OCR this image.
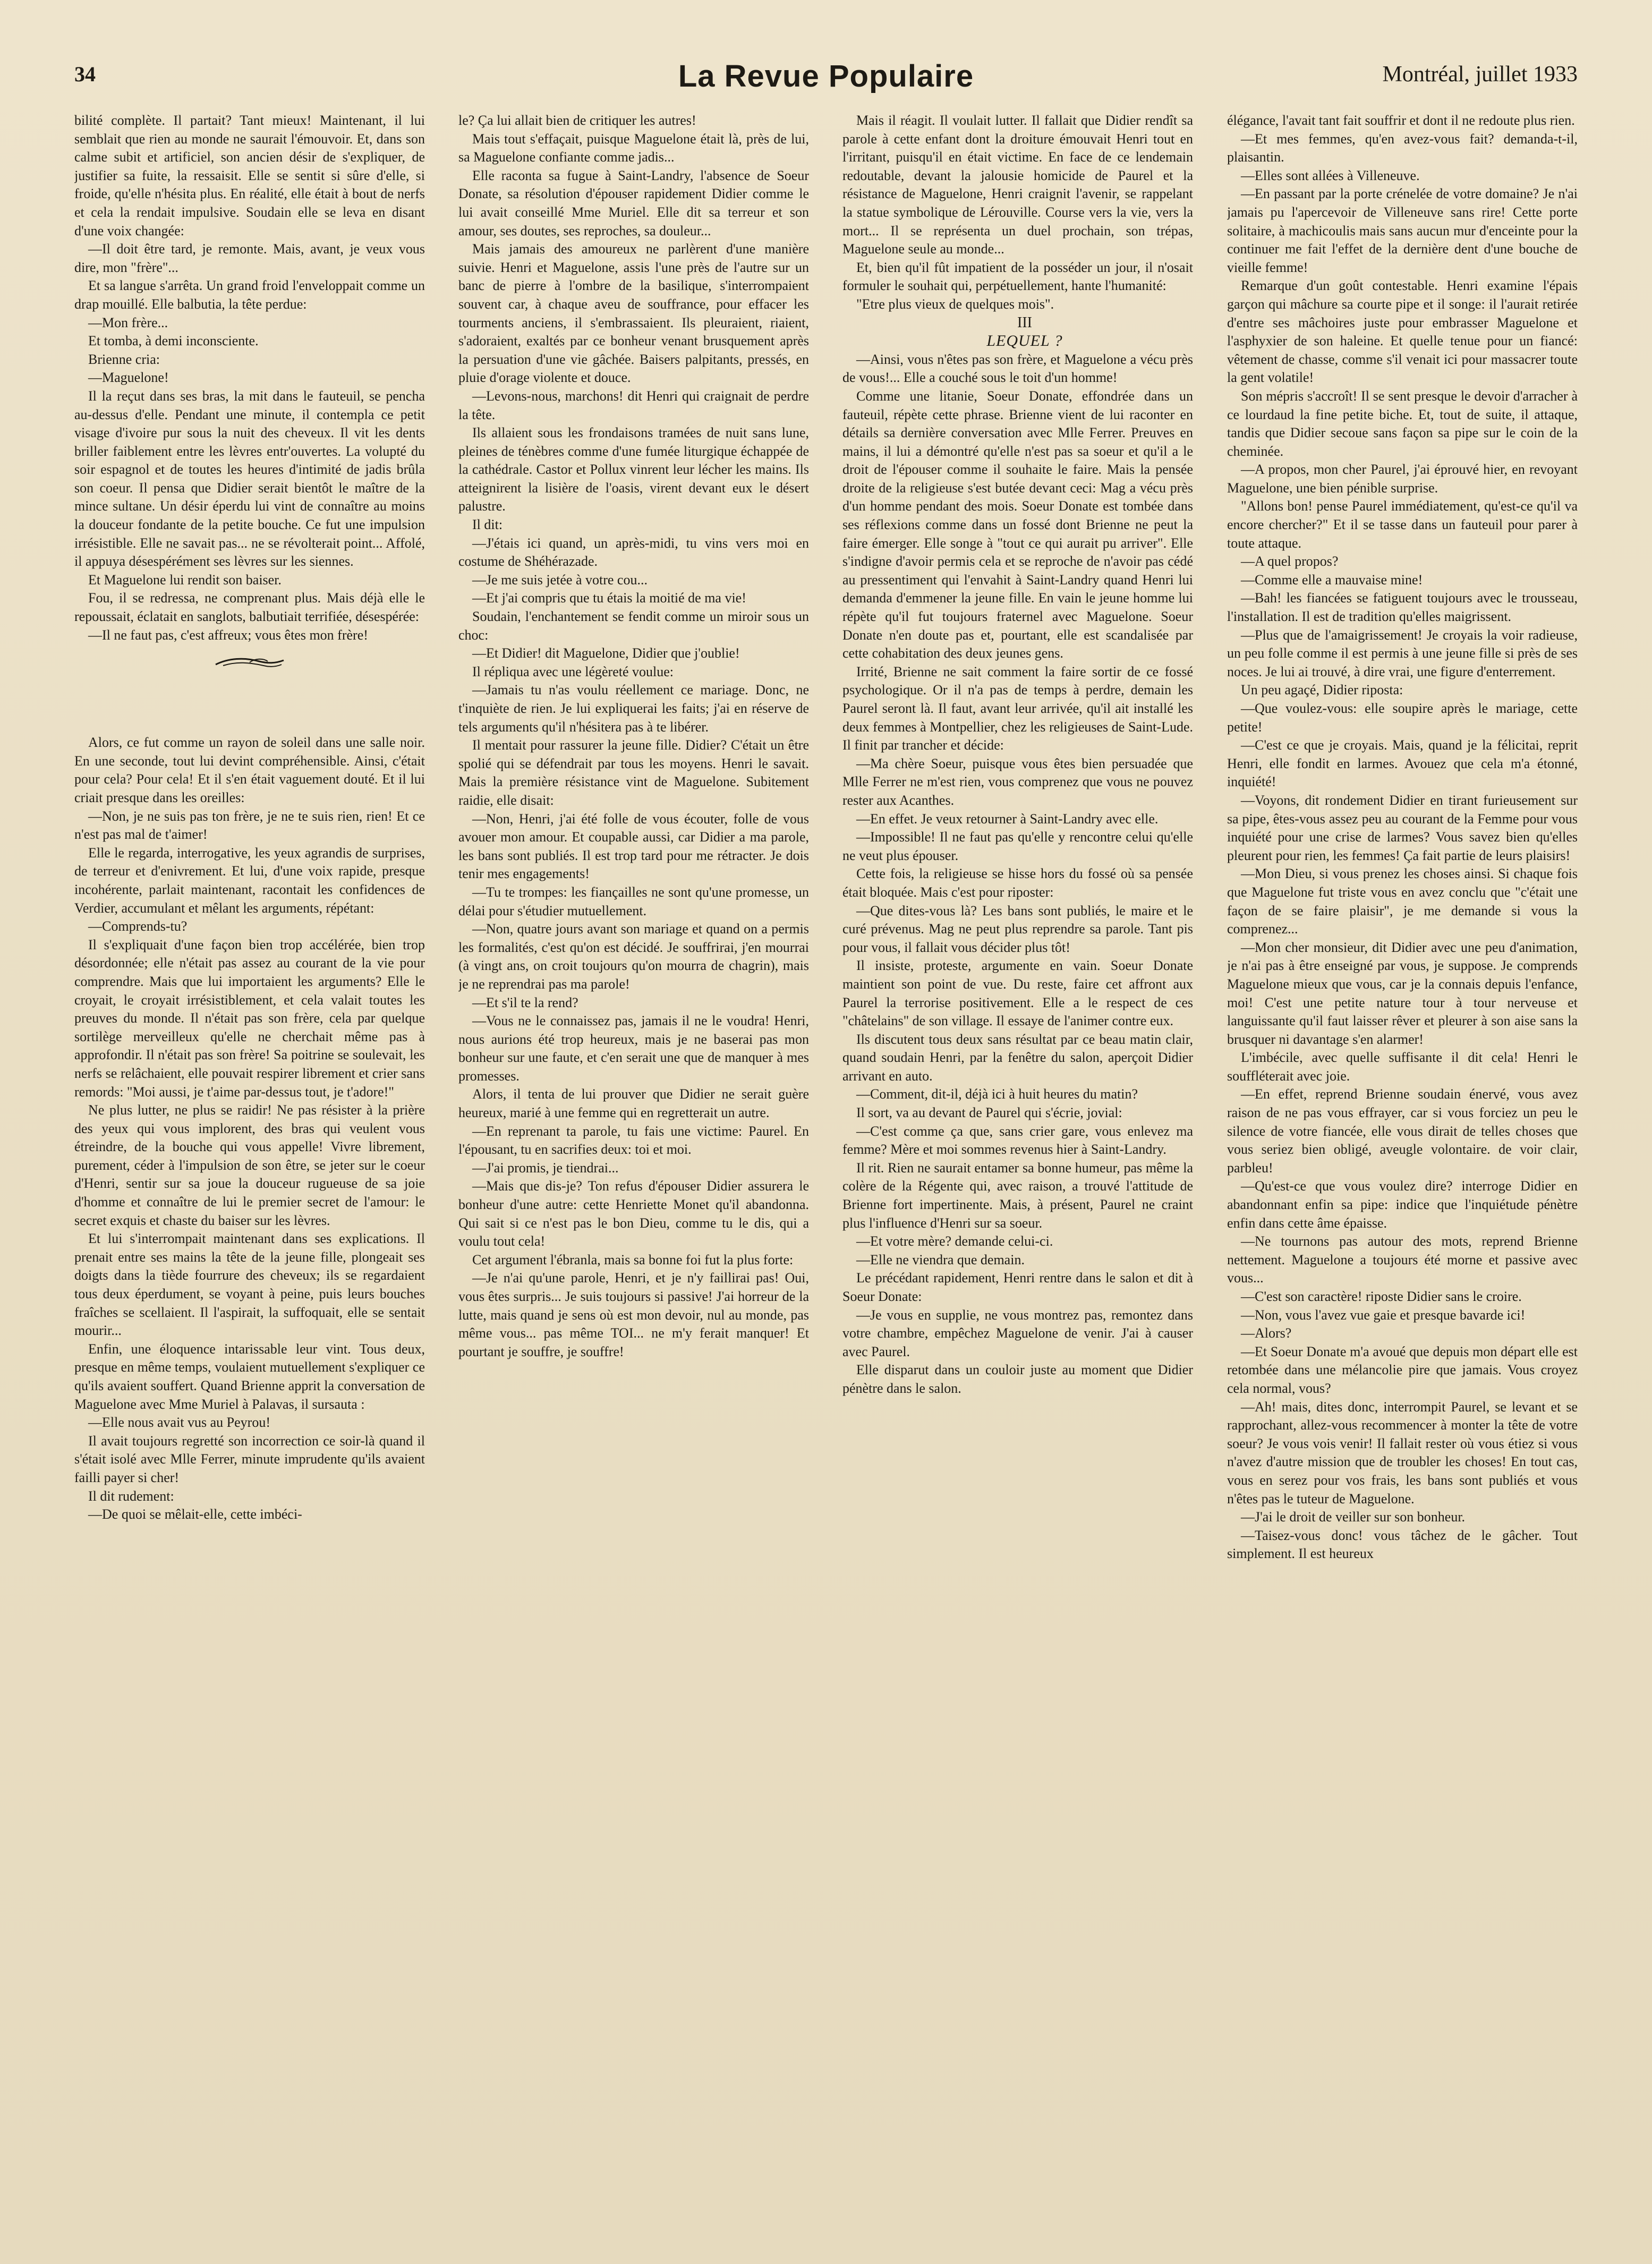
34	La Revue Populaire	Montréal, juillet 1933

bilité complète. Il partait? Tant mieux! Maintenant, il lui semblait que rien au monde ne saurait l'émouvoir. Et, dans son calme subit et artificiel, son ancien désir de s'expliquer, de justifier sa fuite, la ressaisit. Elle se sentit si sûre d'elle, si froide, qu'elle n'hésita plus. En réalité, elle était à bout de nerfs et cela la rendait impulsive. Soudain elle se leva en disant d'une voix changée:

—Il doit être tard, je remonte. Mais, avant, je veux vous dire, mon "frère"...

Et sa langue s'arrêta. Un grand froid l'enveloppait comme un drap mouillé. Elle balbutia, la tête perdue:

—Mon frère...

Et tomba, à demi inconsciente.

Brienne cria:

—Maguelone!

Il la reçut dans ses bras, la mit dans le fauteuil, se pencha au-dessus d'elle. Pendant une minute, il contempla ce petit visage d'ivoire pur sous la nuit des cheveux. Il vit les dents briller faiblement entre les lèvres entr'ouvertes. La volupté du soir espagnol et de toutes les heures d'intimité de jadis brûla son coeur. Il pensa que Didier serait bientôt le maître de la mince sultane. Un désir éperdu lui vint de connaître au moins la douceur fondante de la petite bouche. Ce fut une impulsion irrésistible. Elle ne savait pas... ne se révolterait point... Affolé, il appuya désespérément ses lèvres sur les siennes.

Et Maguelone lui rendit son baiser.

Fou, il se redressa, ne comprenant plus. Mais déjà elle le repoussait, éclatait en sanglots, balbutiait terrifiée, désespérée:

—Il ne faut pas, c'est affreux; vous êtes mon frère!

Alors, ce fut comme un rayon de soleil dans une salle noir. En une seconde, tout lui devint compréhensible. Ainsi, c'était pour cela? Pour cela! Et il s'en était vaguement douté. Et il lui criait presque dans les oreilles:

—Non, je ne suis pas ton frère, je ne te suis rien, rien! Et ce n'est pas mal de t'aimer!

Elle le regarda, interrogative, les yeux agrandis de surprises, de terreur et d'enivrement. Et lui, d'une voix rapide, presque incohérente, parlait maintenant, racontait les confidences de Verdier, accumulant et mêlant les arguments, répétant:

—Comprends-tu?

Il s'expliquait d'une façon bien trop accélérée, bien trop désordonnée; elle n'était pas assez au courant de la vie pour comprendre. Mais que lui importaient les arguments? Elle le croyait, le croyait irrésistiblement, et cela valait toutes les preuves du monde. Il n'était pas son frère, cela par quelque sortilège merveilleux qu'elle ne cherchait même pas à approfondir. Il n'était pas son frère! Sa poitrine se soulevait, les nerfs se relâchaient, elle pouvait respirer librement et crier sans remords: "Moi aussi, je t'aime par-dessus tout, je t'adore!"

Ne plus lutter, ne plus se raidir! Ne pas résister à la prière des yeux qui vous implorent, des bras qui veulent vous étreindre, de la bouche qui vous appelle! Vivre librement, purement, céder à l'impulsion de son être, se jeter sur le coeur d'Henri, sentir sur sa joue la douceur rugueuse de sa joie d'homme et connaître de lui le premier secret de l'amour: le secret exquis et chaste du baiser sur les lèvres.

Et lui s'interrompait maintenant dans ses explications. Il prenait entre ses mains la tête de la jeune fille, plongeait ses doigts dans la tiède fourrure des cheveux; ils se regardaient tous deux éperdument, se voyant à peine, puis leurs bouches fraîches se scellaient. Il l'aspirait, la suffoquait, elle se sentait mourir...

Enfin, une éloquence intarissable leur vint. Tous deux, presque en même temps, voulaient mutuellement s'expliquer ce qu'ils avaient souffert. Quand Brienne apprit la conversation de Maguelone avec Mme Muriel à Palavas, il sursauta :

—Elle nous avait vus au Peyrou!

Il avait toujours regretté son incorrection ce soir-là quand il s'était isolé avec Mlle Ferrer, minute imprudente qu'ils avaient failli payer si cher!

Il dit rudement:

—De quoi se mêlait-elle, cette imbéci-

le? Ça lui allait bien de critiquer les autres!

Mais tout s'effaçait, puisque Maguelone était là, près de lui, sa Maguelone confiante comme jadis...

Elle raconta sa fugue à Saint-Landry, l'absence de Soeur Donate, sa résolution d'épouser rapidement Didier comme le lui avait conseillé Mme Muriel. Elle dit sa terreur et son amour, ses doutes, ses reproches, sa douleur...

Mais jamais des amoureux ne parlèrent d'une manière suivie. Henri et Maguelone, assis l'une près de l'autre sur un banc de pierre à l'ombre de la basilique, s'interrompaient souvent car, à chaque aveu de souffrance, pour effacer les tourments anciens, il s'embrassaient. Ils pleuraient, riaient, s'adoraient, exaltés par ce bonheur venant brusquement après la persuation d'une vie gâchée. Baisers palpitants, pressés, en pluie d'orage violente et douce.

—Levons-nous, marchons! dit Henri qui craignait de perdre la tête.

Ils allaient sous les frondaisons tramées de nuit sans lune, pleines de ténèbres comme d'une fumée liturgique échappée de la cathédrale. Castor et Pollux vinrent leur lécher les mains. Ils atteignirent la lisière de l'oasis, virent devant eux le désert palustre.

Il dit:

—J'étais ici quand, un après-midi, tu vins vers moi en costume de Shéhérazade.

—Je me suis jetée à votre cou...

—Et j'ai compris que tu étais la moitié de ma vie!

Soudain, l'enchantement se fendit comme un miroir sous un choc:

—Et Didier! dit Maguelone, Didier que j'oublie!

Il répliqua avec une légèreté voulue:

—Jamais tu n'as voulu réellement ce mariage. Donc, ne t'inquiète de rien. Je lui expliquerai les faits; j'ai en réserve de tels arguments qu'il n'hésitera pas à te libérer.

Il mentait pour rassurer la jeune fille. Didier? C'était un être spolié qui se défendrait par tous les moyens. Henri le savait. Mais la première résistance vint de Maguelone. Subitement raidie, elle disait:

—Non, Henri, j'ai été folle de vous écouter, folle de vous avouer mon amour. Et coupable aussi, car Didier a ma parole, les bans sont publiés. Il est trop tard pour me rétracter. Je dois tenir mes engagements!

—Tu te trompes: les fiançailles ne sont qu'une promesse, un délai pour s'étudier mutuellement.

—Non, quatre jours avant son mariage et quand on a permis les formalités, c'est qu'on est décidé. Je souffrirai, j'en mourrai (à vingt ans, on croit toujours qu'on mourra de chagrin), mais je ne reprendrai pas ma parole!

—Et s'il te la rend?

—Vous ne le connaissez pas, jamais il ne le voudra! Henri, nous aurions été trop heureux, mais je ne baserai pas mon bonheur sur une faute, et c'en serait une que de manquer à mes promesses.

Alors, il tenta de lui prouver que Didier ne serait guère heureux, marié à une femme qui en regretterait un autre.

—En reprenant ta parole, tu fais une victime: Paurel. En l'épousant, tu en sacrifies deux: toi et moi.

—J'ai promis, je tiendrai...

—Mais que dis-je? Ton refus d'épouser Didier assurera le bonheur d'une autre: cette Henriette Monet qu'il abandonna. Qui sait si ce n'est pas le bon Dieu, comme tu le dis, qui a voulu tout cela!

Cet argument l'ébranla, mais sa bonne foi fut la plus forte:

—Je n'ai qu'une parole, Henri, et je n'y faillirai pas! Oui, vous êtes surpris... Je suis toujours si passive! J'ai horreur de la lutte, mais quand je sens où est mon devoir, nul au monde, pas même vous... pas même TOI... ne m'y ferait manquer! Et pourtant je souffre, je souffre!

Mais il réagit. Il voulait lutter. Il fallait que Didier rendît sa parole à cette enfant dont la droiture émouvait Henri tout en l'irritant, puisqu'il en était victime. En face de ce lendemain redoutable, devant la jalousie homicide de Paurel et la résistance de Maguelone, Henri craignit l'avenir, se rappelant la statue symbolique de Lérouville. Course vers la vie, vers la mort... Il se représenta un duel prochain, son trépas, Maguelone seule au monde...

Et, bien qu'il fût impatient de la posséder un jour, il n'osait formuler le souhait qui, perpétuellement, hante l'humanité:

"Etre plus vieux de quelques mois".

III

LEQUEL ?

—Ainsi, vous n'êtes pas son frère, et Maguelone a vécu près de vous!... Elle a couché sous le toit d'un homme!

Comme une litanie, Soeur Donate, effondrée dans un fauteuil, répète cette phrase. Brienne vient de lui raconter en détails sa dernière conversation avec Mlle Ferrer. Preuves en mains, il lui a démontré qu'elle n'est pas sa soeur et qu'il a le droit de l'épouser comme il souhaite le faire. Mais la pensée droite de la religieuse s'est butée devant ceci: Mag a vécu près d'un homme pendant des mois. Soeur Donate est tombée dans ses réflexions comme dans un fossé dont Brienne ne peut la faire émerger. Elle songe à "tout ce qui aurait pu arriver". Elle s'indigne d'avoir permis cela et se reproche de n'avoir pas cédé au pressentiment qui l'envahit à Saint-Landry quand Henri lui demanda d'emmener la jeune fille. En vain le jeune homme lui répète qu'il fut toujours fraternel avec Maguelone. Soeur Donate n'en doute pas et, pourtant, elle est scandalisée par cette cohabitation des deux jeunes gens.

Irrité, Brienne ne sait comment la faire sortir de ce fossé psychologique. Or il n'a pas de temps à perdre, demain les Paurel seront là. Il faut, avant leur arrivée, qu'il ait installé les deux femmes à Montpellier, chez les religieuses de Saint-Lude. Il finit par trancher et décide:

—Ma chère Soeur, puisque vous êtes bien persuadée que Mlle Ferrer ne m'est rien, vous comprenez que vous ne pouvez rester aux Acanthes.

—En effet. Je veux retourner à Saint-Landry avec elle.

—Impossible! Il ne faut pas qu'elle y rencontre celui qu'elle ne veut plus épouser.

Cette fois, la religieuse se hisse hors du fossé où sa pensée était bloquée. Mais c'est pour riposter:

—Que dites-vous là? Les bans sont publiés, le maire et le curé prévenus. Mag ne peut plus reprendre sa parole. Tant pis pour vous, il fallait vous décider plus tôt!

Il insiste, proteste, argumente en vain. Soeur Donate maintient son point de vue. Du reste, faire cet affront aux Paurel la terrorise positivement. Elle a le respect de ces "châtelains" de son village. Il essaye de l'animer contre eux.

Ils discutent tous deux sans résultat par ce beau matin clair, quand soudain Henri, par la fenêtre du salon, aperçoit Didier arrivant en auto.

—Comment, dit-il, déjà ici à huit heures du matin?

Il sort, va au devant de Paurel qui s'écrie, jovial:

—C'est comme ça que, sans crier gare, vous enlevez ma femme? Mère et moi sommes revenus hier à Saint-Landry.

Il rit. Rien ne saurait entamer sa bonne humeur, pas même la colère de la Régente qui, avec raison, a trouvé l'attitude de Brienne fort impertinente. Mais, à présent, Paurel ne craint plus l'influence d'Henri sur sa soeur.

—Et votre mère? demande celui-ci.

—Elle ne viendra que demain.

Le précédant rapidement, Henri rentre dans le salon et dit à Soeur Donate:

—Je vous en supplie, ne vous montrez pas, remontez dans votre chambre, empêchez Maguelone de venir. J'ai à causer avec Paurel.

Elle disparut dans un couloir juste au moment que Didier pénètre dans le salon.

élégance, l'avait tant fait souffrir et dont il ne redoute plus rien.

—Et mes femmes, qu'en avez-vous fait? demanda-t-il, plaisantin.

—Elles sont allées à Villeneuve.

—En passant par la porte crénelée de votre domaine? Je n'ai jamais pu l'apercevoir de Villeneuve sans rire! Cette porte solitaire, à machicoulis mais sans aucun mur d'enceinte pour la continuer me fait l'effet de la dernière dent d'une bouche de vieille femme!

Remarque d'un goût contestable. Henri examine l'épais garçon qui mâchure sa courte pipe et il songe: il l'aurait retirée d'entre ses mâchoires juste pour embrasser Maguelone et l'asphyxier de son haleine. Et quelle tenue pour un fiancé: vêtement de chasse, comme s'il venait ici pour massacrer toute la gent volatile!

Son mépris s'accroît! Il se sent presque le devoir d'arracher à ce lourdaud la fine petite biche. Et, tout de suite, il attaque, tandis que Didier secoue sans façon sa pipe sur le coin de la cheminée.

—A propos, mon cher Paurel, j'ai éprouvé hier, en revoyant Maguelone, une bien pénible surprise.

"Allons bon! pense Paurel immédiatement, qu'est-ce qu'il va encore chercher?" Et il se tasse dans un fauteuil pour parer à toute attaque.

—A quel propos?

—Comme elle a mauvaise mine!

—Bah! les fiancées se fatiguent toujours avec le trousseau, l'installation. Il est de tradition qu'elles maigrissent.

—Plus que de l'amaigrissement! Je croyais la voir radieuse, un peu folle comme il est permis à une jeune fille si près de ses noces. Je lui ai trouvé, à dire vrai, une figure d'enterrement.

Un peu agaçé, Didier riposta:

—Que voulez-vous: elle soupire après le mariage, cette petite!

—C'est ce que je croyais. Mais, quand je la félicitai, reprit Henri, elle fondit en larmes. Avouez que cela m'a étonné, inquiété!

—Voyons, dit rondement Didier en tirant furieusement sur sa pipe, êtes-vous assez peu au courant de la Femme pour vous inquiété pour une crise de larmes? Vous savez bien qu'elles pleurent pour rien, les femmes! Ça fait partie de leurs plaisirs!

—Mon Dieu, si vous prenez les choses ainsi. Si chaque fois que Maguelone fut triste vous en avez conclu que "c'était une façon de se faire plaisir", je me demande si vous la comprenez...

—Mon cher monsieur, dit Didier avec une peu d'animation, je n'ai pas à être enseigné par vous, je suppose. Je comprends Maguelone mieux que vous, car je la connais depuis l'enfance, moi! C'est une petite nature tour à tour nerveuse et languissante qu'il faut laisser rêver et pleurer à son aise sans la brusquer ni davantage s'en alarmer!

L'imbécile, avec quelle suffisante il dit cela! Henri le souffléterait avec joie.

—En effet, reprend Brienne soudain énervé, vous avez raison de ne pas vous effrayer, car si vous forciez un peu le silence de votre fiancée, elle vous dirait de telles choses que vous seriez bien obligé, aveugle volontaire. de voir clair, parbleu!

—Qu'est-ce que vous voulez dire? interroge Didier en abandonnant enfin sa pipe: indice que l'inquiétude pénètre enfin dans cette âme épaisse.

—Ne tournons pas autour des mots, reprend Brienne nettement. Maguelone a toujours été morne et passive avec vous...

—C'est son caractère! riposte Didier sans le croire.

—Non, vous l'avez vue gaie et presque bavarde ici!

—Alors?

—Et Soeur Donate m'a avoué que depuis mon départ elle est retombée dans une mélancolie pire que jamais. Vous croyez cela normal, vous?

—Ah! mais, dites donc, interrompit Paurel, se levant et se rapprochant, allez-vous recommencer à monter la tête de votre soeur? Je vous vois venir! Il fallait rester où vous étiez si vous n'avez d'autre mission que de troubler les choses! En tout cas, vous en serez pour vos frais, les bans sont publiés et vous n'êtes pas le tuteur de Maguelone.

—J'ai le droit de veiller sur son bonheur.

—Taisez-vous donc! vous tâchez de le gâcher. Tout simplement. Il est heureux
